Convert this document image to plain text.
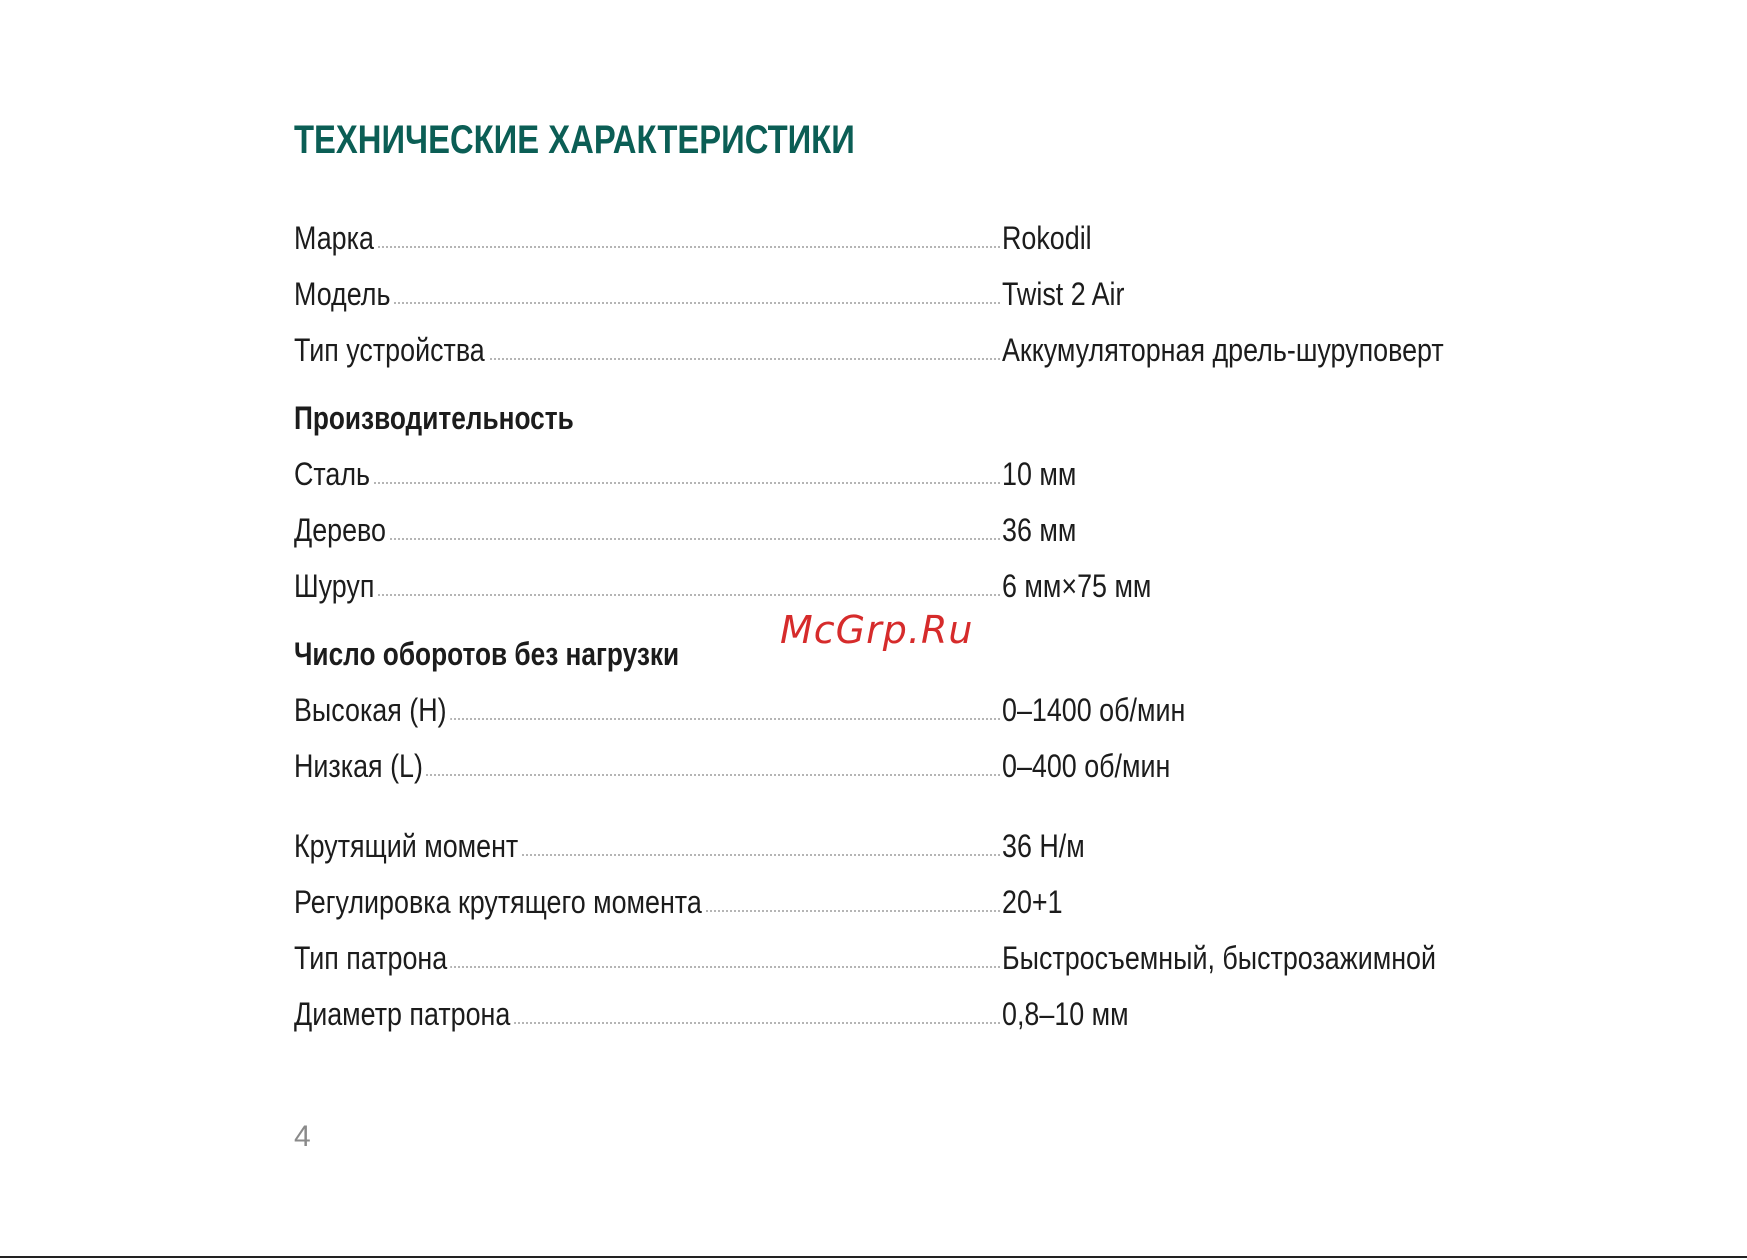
ТЕХНИЧЕСКИЕ ХАРАКТЕРИСТИКИ
Марка	Rokodil
Модель	Twist 2 Air
Тип устройства	Аккумуляторная дрель-шуруповерт
Производительность
Сталь	10 мм
Дерево	36 мм
Шуруп	6 мм×75 мм
Число оборотов без нагрузки
Высокая (H)	0–1400 об/мин
Низкая (L)	0–400 об/мин
Крутящий момент	36 Н/м
Регулировка крутящего момента	20+1
Тип патрона	Быстросъемный, быстрозажимной
Диаметр патрона	0,8–10 мм
McGrp.Ru
4
